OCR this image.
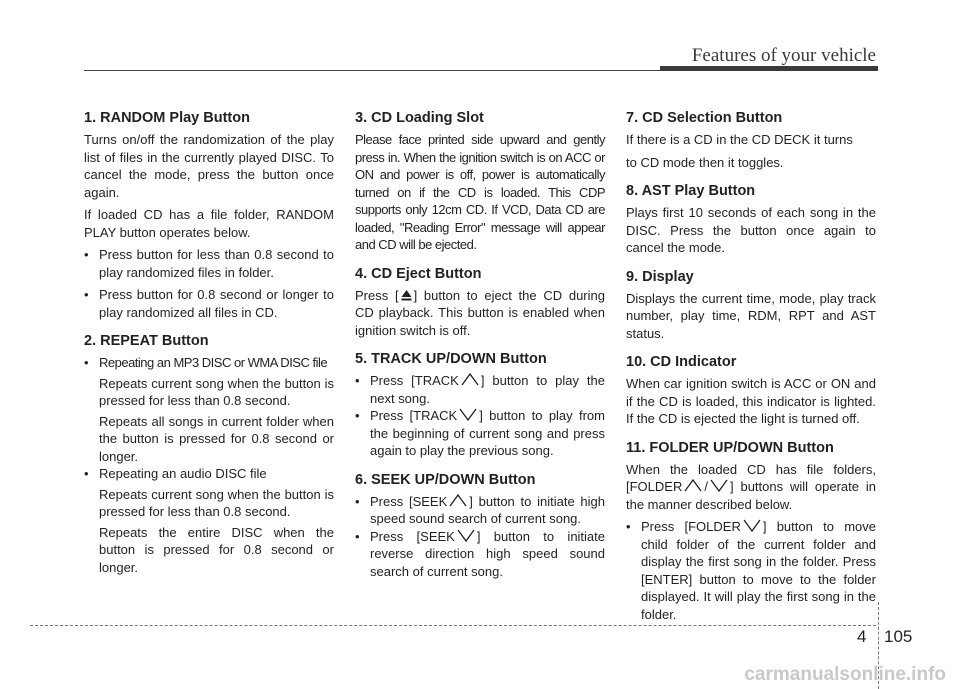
Features of your vehicle
1. RANDOM Play Button

Turns on/off the randomization of the play list of files in the currently played DISC. To cancel the mode, press the button once again.

If loaded CD has a file folder, RANDOM PLAY button operates below.

• Press button for less than 0.8 second to play randomized files in folder.

• Press button for 0.8 second or longer to play randomized all files in CD.

2. REPEAT Button

• Repeating an MP3 DISC or WMA DISC file

Repeats current song when the button is pressed for less than 0.8 second.

Repeats all songs in current folder when the button is pressed for 0.8 second or longer.

• Repeating an audio DISC file

Repeats current song when the button is pressed for less than 0.8 second.

Repeats the entire DISC when the button is pressed for 0.8 second or longer.

3. CD Loading Slot

Please face printed side upward and gently press in. When the ignition switch is on ACC or ON and power is off, power is automatically turned on if the CD is loaded. This CDP supports only 12cm CD. If VCD, Data CD are loaded, "Reading Error" message will appear and CD will be ejected.

4. CD Eject Button

Press [ ] button to eject the CD during CD playback. This button is enabled when ignition switch is off.

5. TRACK UP/DOWN Button

• Press [TRACK ] button to play the next song.

• Press [TRACK ] button to play from the beginning of current song and press again to play the previous song.

6. SEEK UP/DOWN Button

• Press [SEEK ] button to initiate high speed sound search of current song.

• Press [SEEK ] button to initiate reverse direction high speed sound search of current song.

7. CD Selection Button

If there is a CD in the CD DECK it turns

to CD mode then it toggles.

8. AST Play Button

Plays first 10 seconds of each song in the DISC. Press the button once again to cancel the mode.

9. Display

Displays the current time, mode, play track number, play time, RDM, RPT and AST status.

10. CD Indicator

When car ignition switch is ACC or ON and if the CD is loaded, this indicator is lighted. If the CD is ejected the light is turned off.

11. FOLDER UP/DOWN Button

When the loaded CD has file folders, [FOLDER / ] buttons will operate in the manner described below.

• Press [FOLDER ] button to move child folder of the current folder and display the first song in the folder. Press [ENTER] button to move to the folder displayed. It will play the first song in the folder.

4 105
carmanualsonline.info
